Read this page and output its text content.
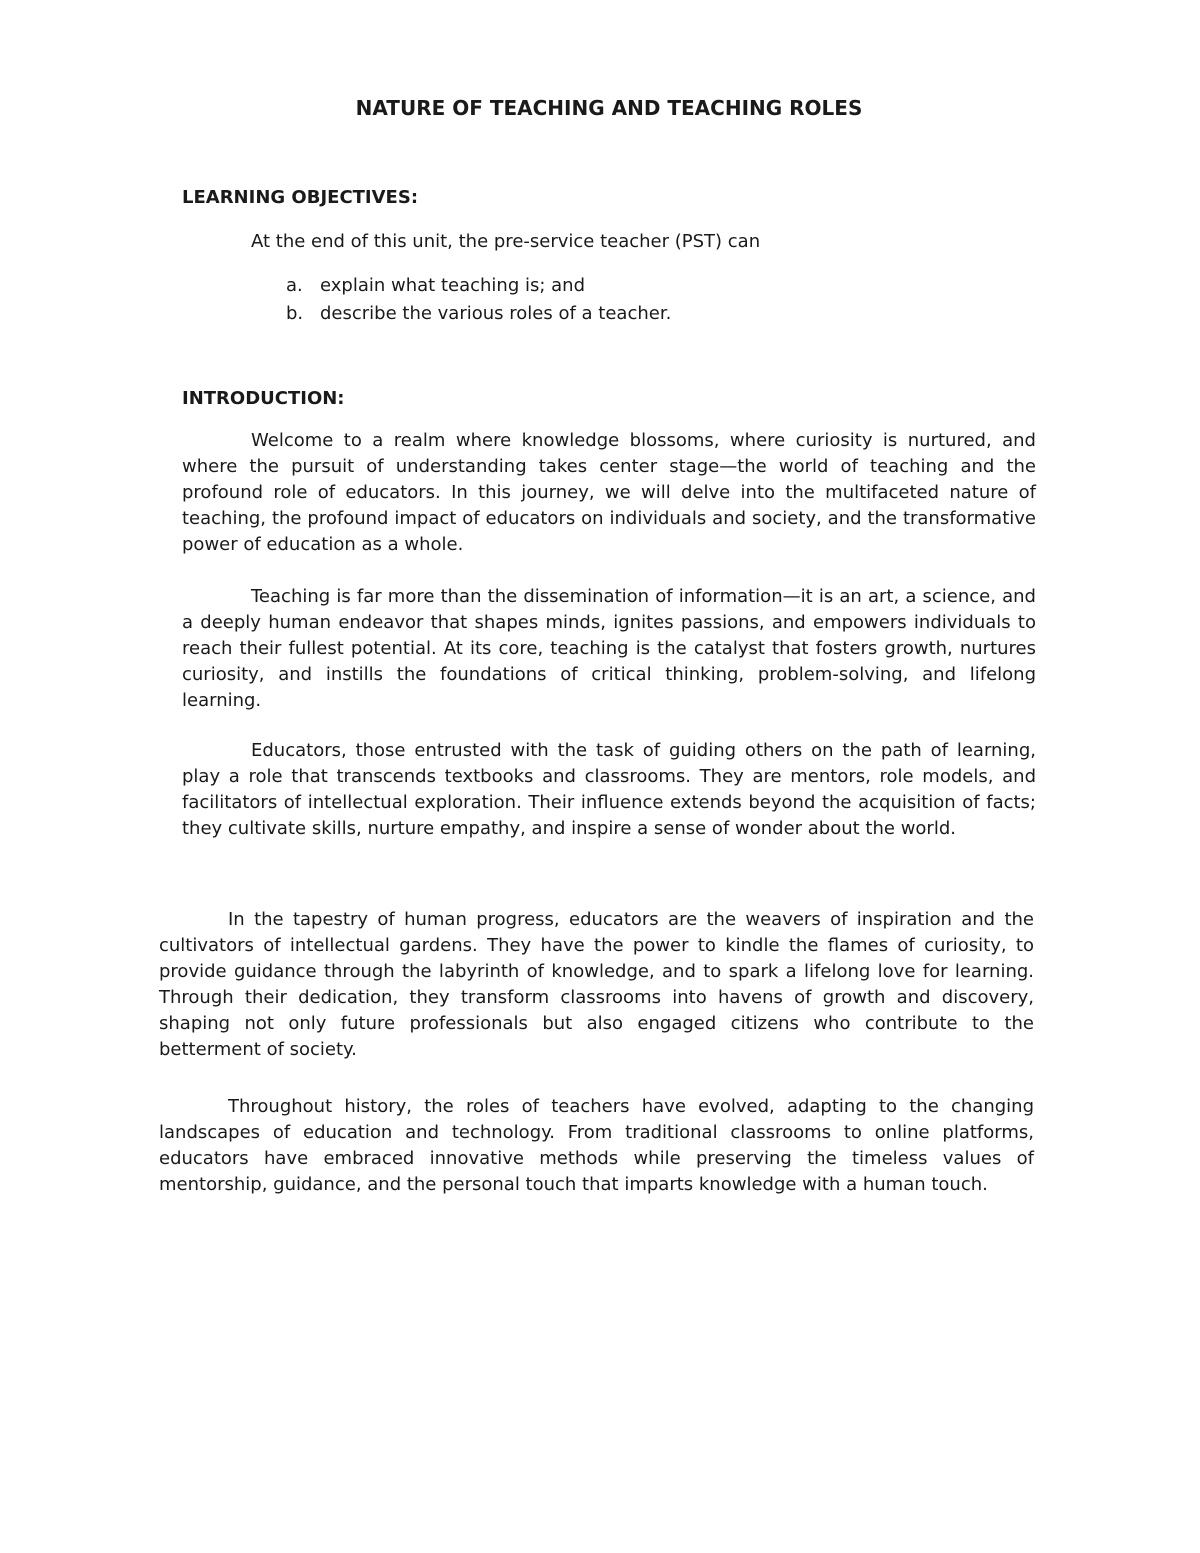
NATURE OF TEACHING AND TEACHING ROLES
LEARNING OBJECTIVES:

At the end of this unit, the pre-service teacher (PST) can

a. explain what teaching is; and
b. describe the various roles of a teacher.
INTRODUCTION:

Welcome to a realm where knowledge blossoms, where curiosity is nurtured, and where the pursuit of understanding takes center stage—the world of teaching and the profound role of educators. In this journey, we will delve into the multifaceted nature of teaching, the profound impact of educators on individuals and society, and the transformative power of education as a whole.

Teaching is far more than the dissemination of information—it is an art, a science, and a deeply human endeavor that shapes minds, ignites passions, and empowers individuals to reach their fullest potential. At its core, teaching is the catalyst that fosters growth, nurtures curiosity, and instills the foundations of critical thinking, problem-solving, and lifelong learning.

Educators, those entrusted with the task of guiding others on the path of learning, play a role that transcends textbooks and classrooms. They are mentors, role models, and facilitators of intellectual exploration. Their influence extends beyond the acquisition of facts; they cultivate skills, nurture empathy, and inspire a sense of wonder about the world.

In the tapestry of human progress, educators are the weavers of inspiration and the cultivators of intellectual gardens. They have the power to kindle the flames of curiosity, to provide guidance through the labyrinth of knowledge, and to spark a lifelong love for learning. Through their dedication, they transform classrooms into havens of growth and discovery, shaping not only future professionals but also engaged citizens who contribute to the betterment of society.

Throughout history, the roles of teachers have evolved, adapting to the changing landscapes of education and technology. From traditional classrooms to online platforms, educators have embraced innovative methods while preserving the timeless values of mentorship, guidance, and the personal touch that imparts knowledge with a human touch.
